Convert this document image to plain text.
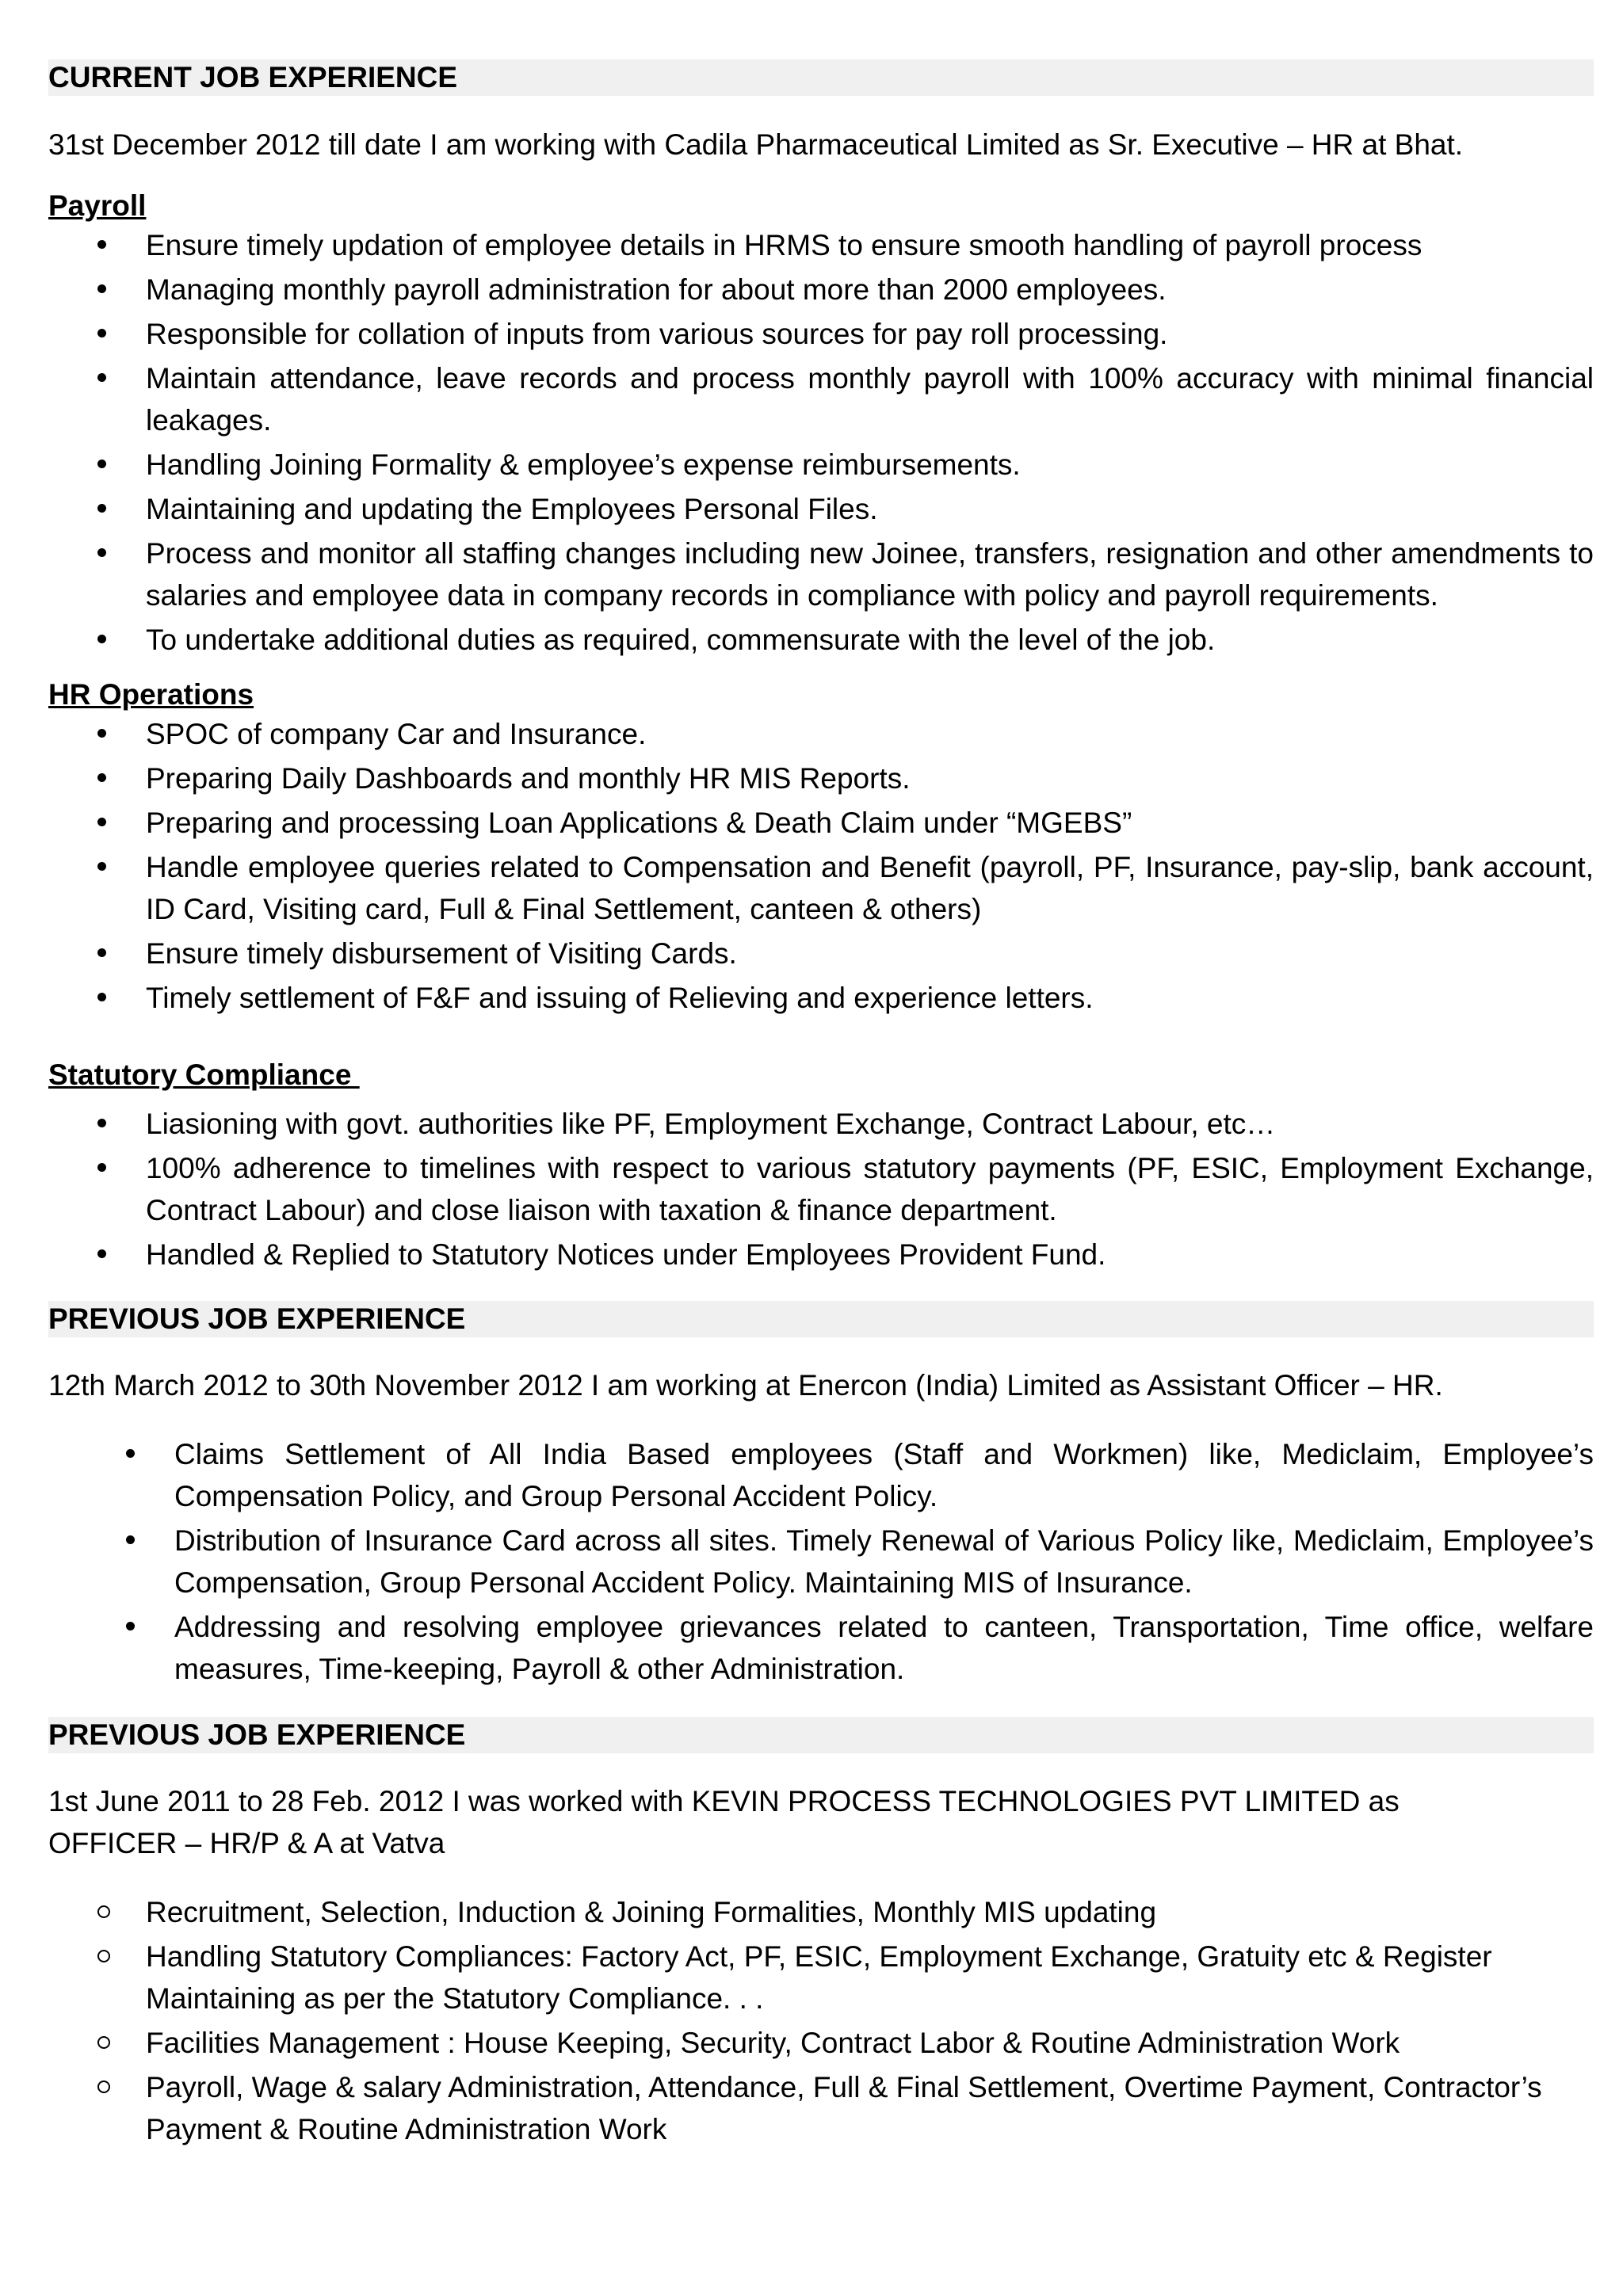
CURRENT JOB EXPERIENCE

31st December 2012 till date I am working with Cadila Pharmaceutical Limited as Sr. Executive – HR at Bhat.

Payroll

Ensure timely updation of employee details in HRMS to ensure smooth handling of payroll process
Managing monthly payroll administration for about more than 2000 employees.
Responsible for collation of inputs from various sources for pay roll processing.
Maintain attendance, leave records and process monthly payroll with 100% accuracy with minimal financial leakages.
Handling Joining Formality & employee’s expense reimbursements.
Maintaining and updating the Employees Personal Files.
Process and monitor all staffing changes including new Joinee, transfers, resignation and other amendments to salaries and employee data in company records in compliance with policy and payroll requirements.
To undertake additional duties as required, commensurate with the level of the job.

HR Operations

SPOC of company Car and Insurance.
Preparing Daily Dashboards and monthly HR MIS Reports.
Preparing and processing Loan Applications & Death Claim under “MGEBS”
Handle employee queries related to Compensation and Benefit (payroll, PF, Insurance, pay-slip, bank account, ID Card, Visiting card, Full & Final Settlement, canteen & others)
Ensure timely disbursement of Visiting Cards.
Timely settlement of F&F and issuing of Relieving and experience letters.

Statutory Compliance

Liasioning with govt. authorities like PF, Employment Exchange, Contract Labour, etc…
100% adherence to timelines with respect to various statutory payments (PF, ESIC, Employment Exchange, Contract Labour) and close liaison with taxation & finance department.
Handled & Replied to Statutory Notices under Employees Provident Fund.
PREVIOUS JOB EXPERIENCE

12th March 2012 to 30th November 2012 I am working at Enercon (India) Limited as Assistant Officer – HR.

Claims Settlement of All India Based employees (Staff and Workmen) like, Mediclaim, Employee’s Compensation Policy, and Group Personal Accident Policy.
Distribution of Insurance Card across all sites. Timely Renewal of Various Policy like, Mediclaim, Employee’s Compensation, Group Personal Accident Policy. Maintaining MIS of Insurance.
Addressing and resolving employee grievances related to canteen, Transportation, Time office, welfare measures, Time-keeping, Payroll & other Administration.
PREVIOUS JOB EXPERIENCE

1st June 2011 to 28 Feb. 2012 I was worked with KEVIN PROCESS TECHNOLOGIES PVT LIMITED as OFFICER – HR/P & A at Vatva

Recruitment, Selection, Induction & Joining Formalities, Monthly MIS updating
Handling Statutory Compliances: Factory Act, PF, ESIC, Employment Exchange, Gratuity etc & Register Maintaining as per the Statutory Compliance. . .
Facilities Management : House Keeping, Security, Contract Labor & Routine Administration Work
Payroll, Wage & salary Administration, Attendance, Full & Final Settlement, Overtime Payment, Contractor’s Payment & Routine Administration Work
